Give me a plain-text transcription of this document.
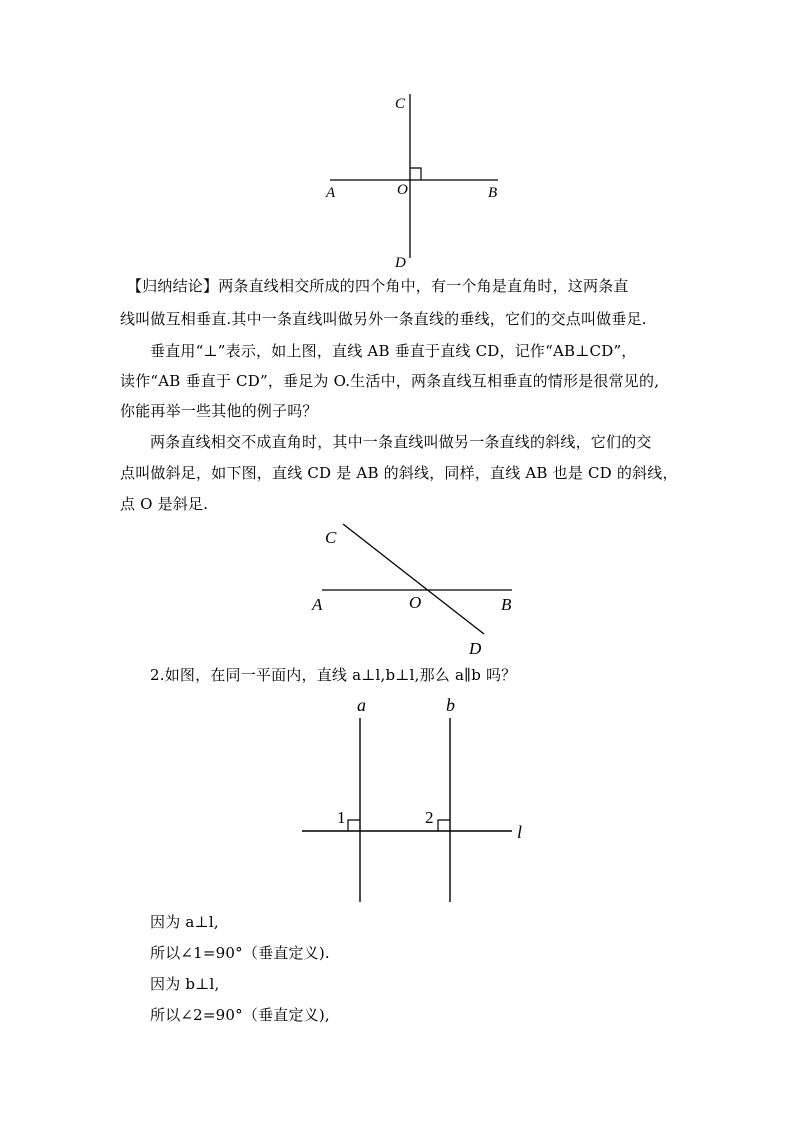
C
A	O	B
D
【归纳结论】两条直线相交所成的四个角中，有一个角是直角时，这两条直
线叫做互相垂直.其中一条直线叫做另外一条直线的垂线，它们的交点叫做垂足.
垂直用“⊥”表示，如上图，直线 AB 垂直于直线 CD，记作“AB⊥CD”，
读作“AB 垂直于 CD”，垂足为 O.生活中，两条直线互相垂直的情形是很常见的,
你能再举一些其他的例子吗？
两条直线相交不成直角时，其中一条直线叫做另一条直线的斜线，它们的交
点叫做斜足，如下图，直线 CD 是 AB 的斜线，同样，直线 AB 也是 CD 的斜线，
点 O 是斜足.
C
A	O	B
D
2.如图，在同一平面内，直线 a⊥l,b⊥l,那么 a∥b 吗？
a	b
1	2
l
因为 a⊥l,
所以∠1=90°（垂直定义).
因为 b⊥l,
所以∠2=90°（垂直定义),
